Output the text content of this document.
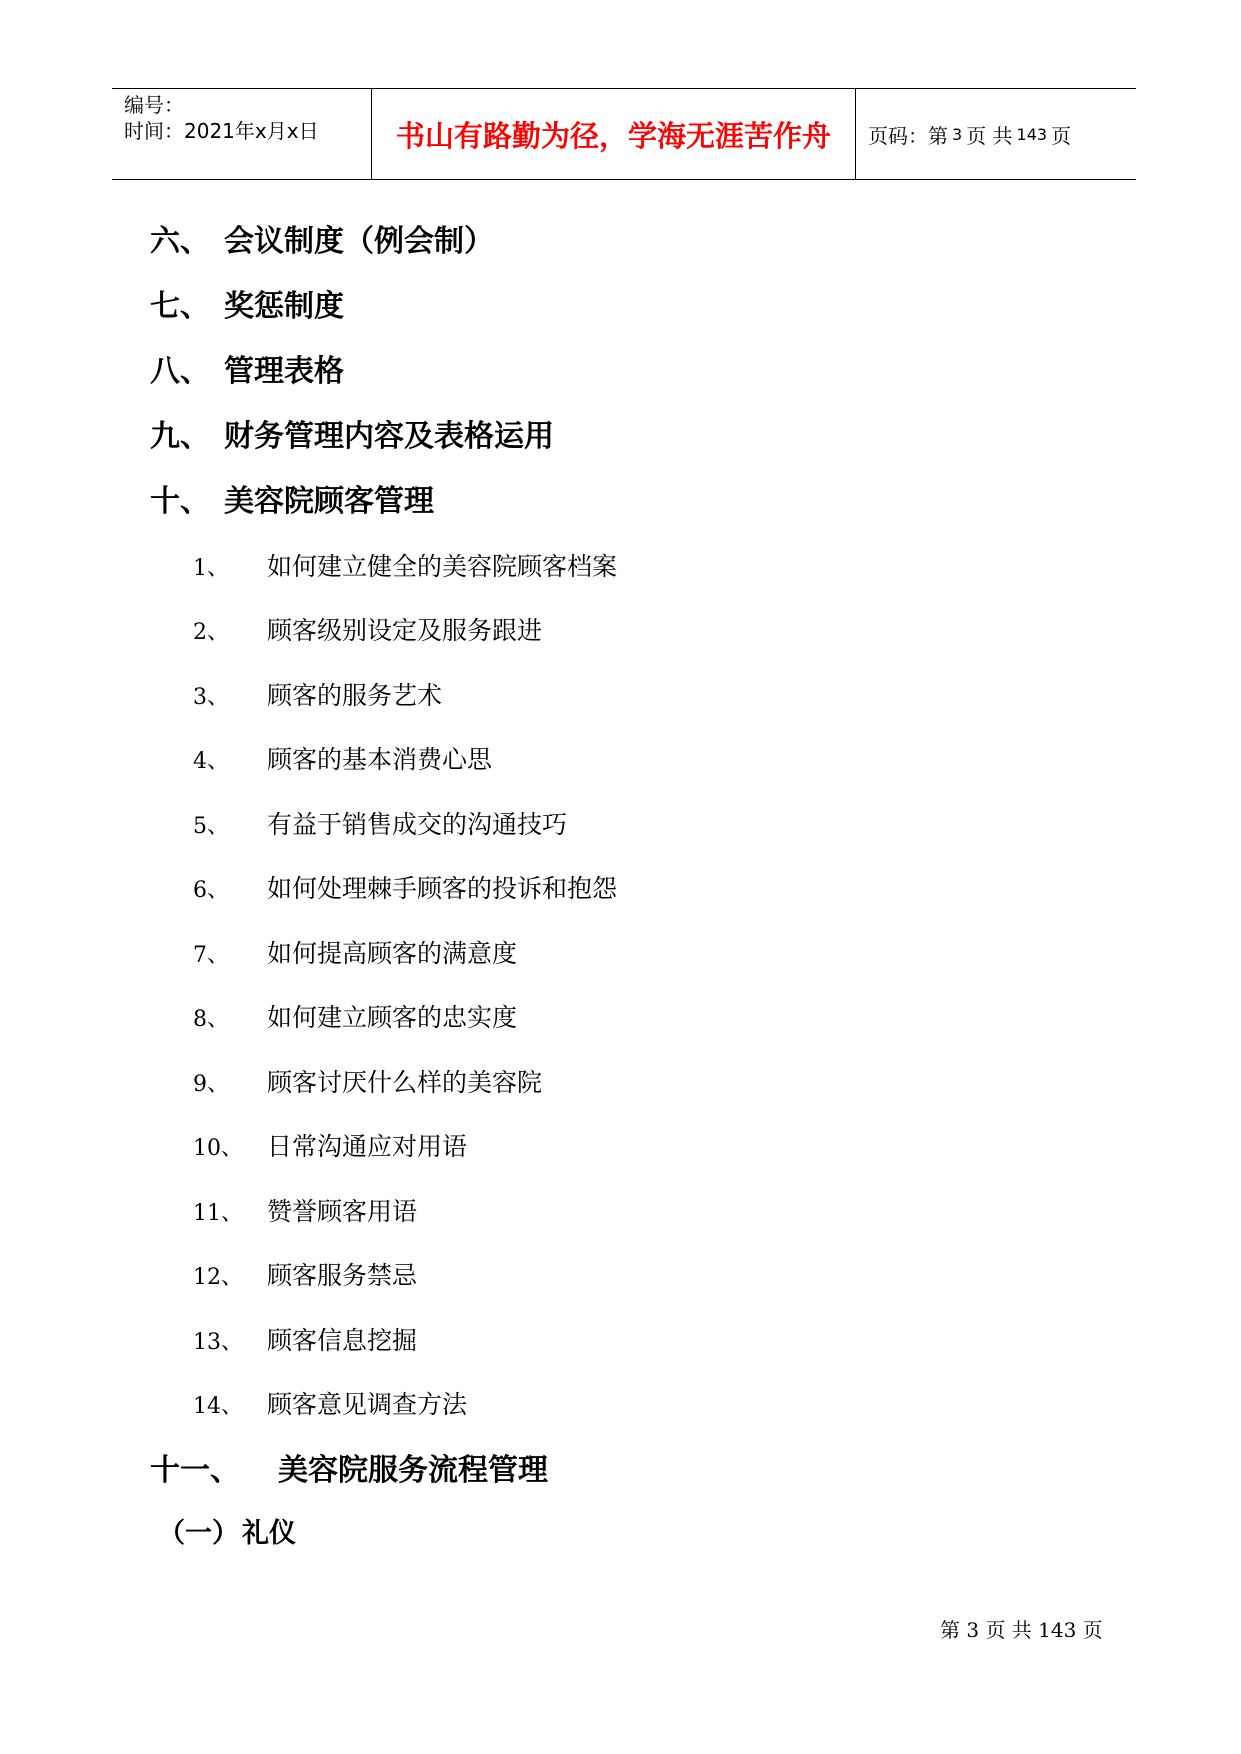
编号：
时间：2021年x月x日	书山有路勤为径，学海无涯苦作舟 页码：第 3 页 共 143 页
六、 会议制度（例会制）
七、 奖惩制度
八、 管理表格
九、 财务管理内容及表格运用
十、 美容院顾客管理
1、 如何建立健全的美容院顾客档案
2、 顾客级别设定及服务跟进
3、 顾客的服务艺术
4、 顾客的基本消费心思
5、 有益于销售成交的沟通技巧
6、 如何处理棘手顾客的投诉和抱怨
7、 如何提高顾客的满意度
8、 如何建立顾客的忠实度
9、 顾客讨厌什么样的美容院
10、 日常沟通应对用语
11、 赞誉顾客用语
12、 顾客服务禁忌
13、 顾客信息挖掘
14、 顾客意见调查方法
十一、 美容院服务流程管理
（一） 礼仪
第 3 页 共 143 页
